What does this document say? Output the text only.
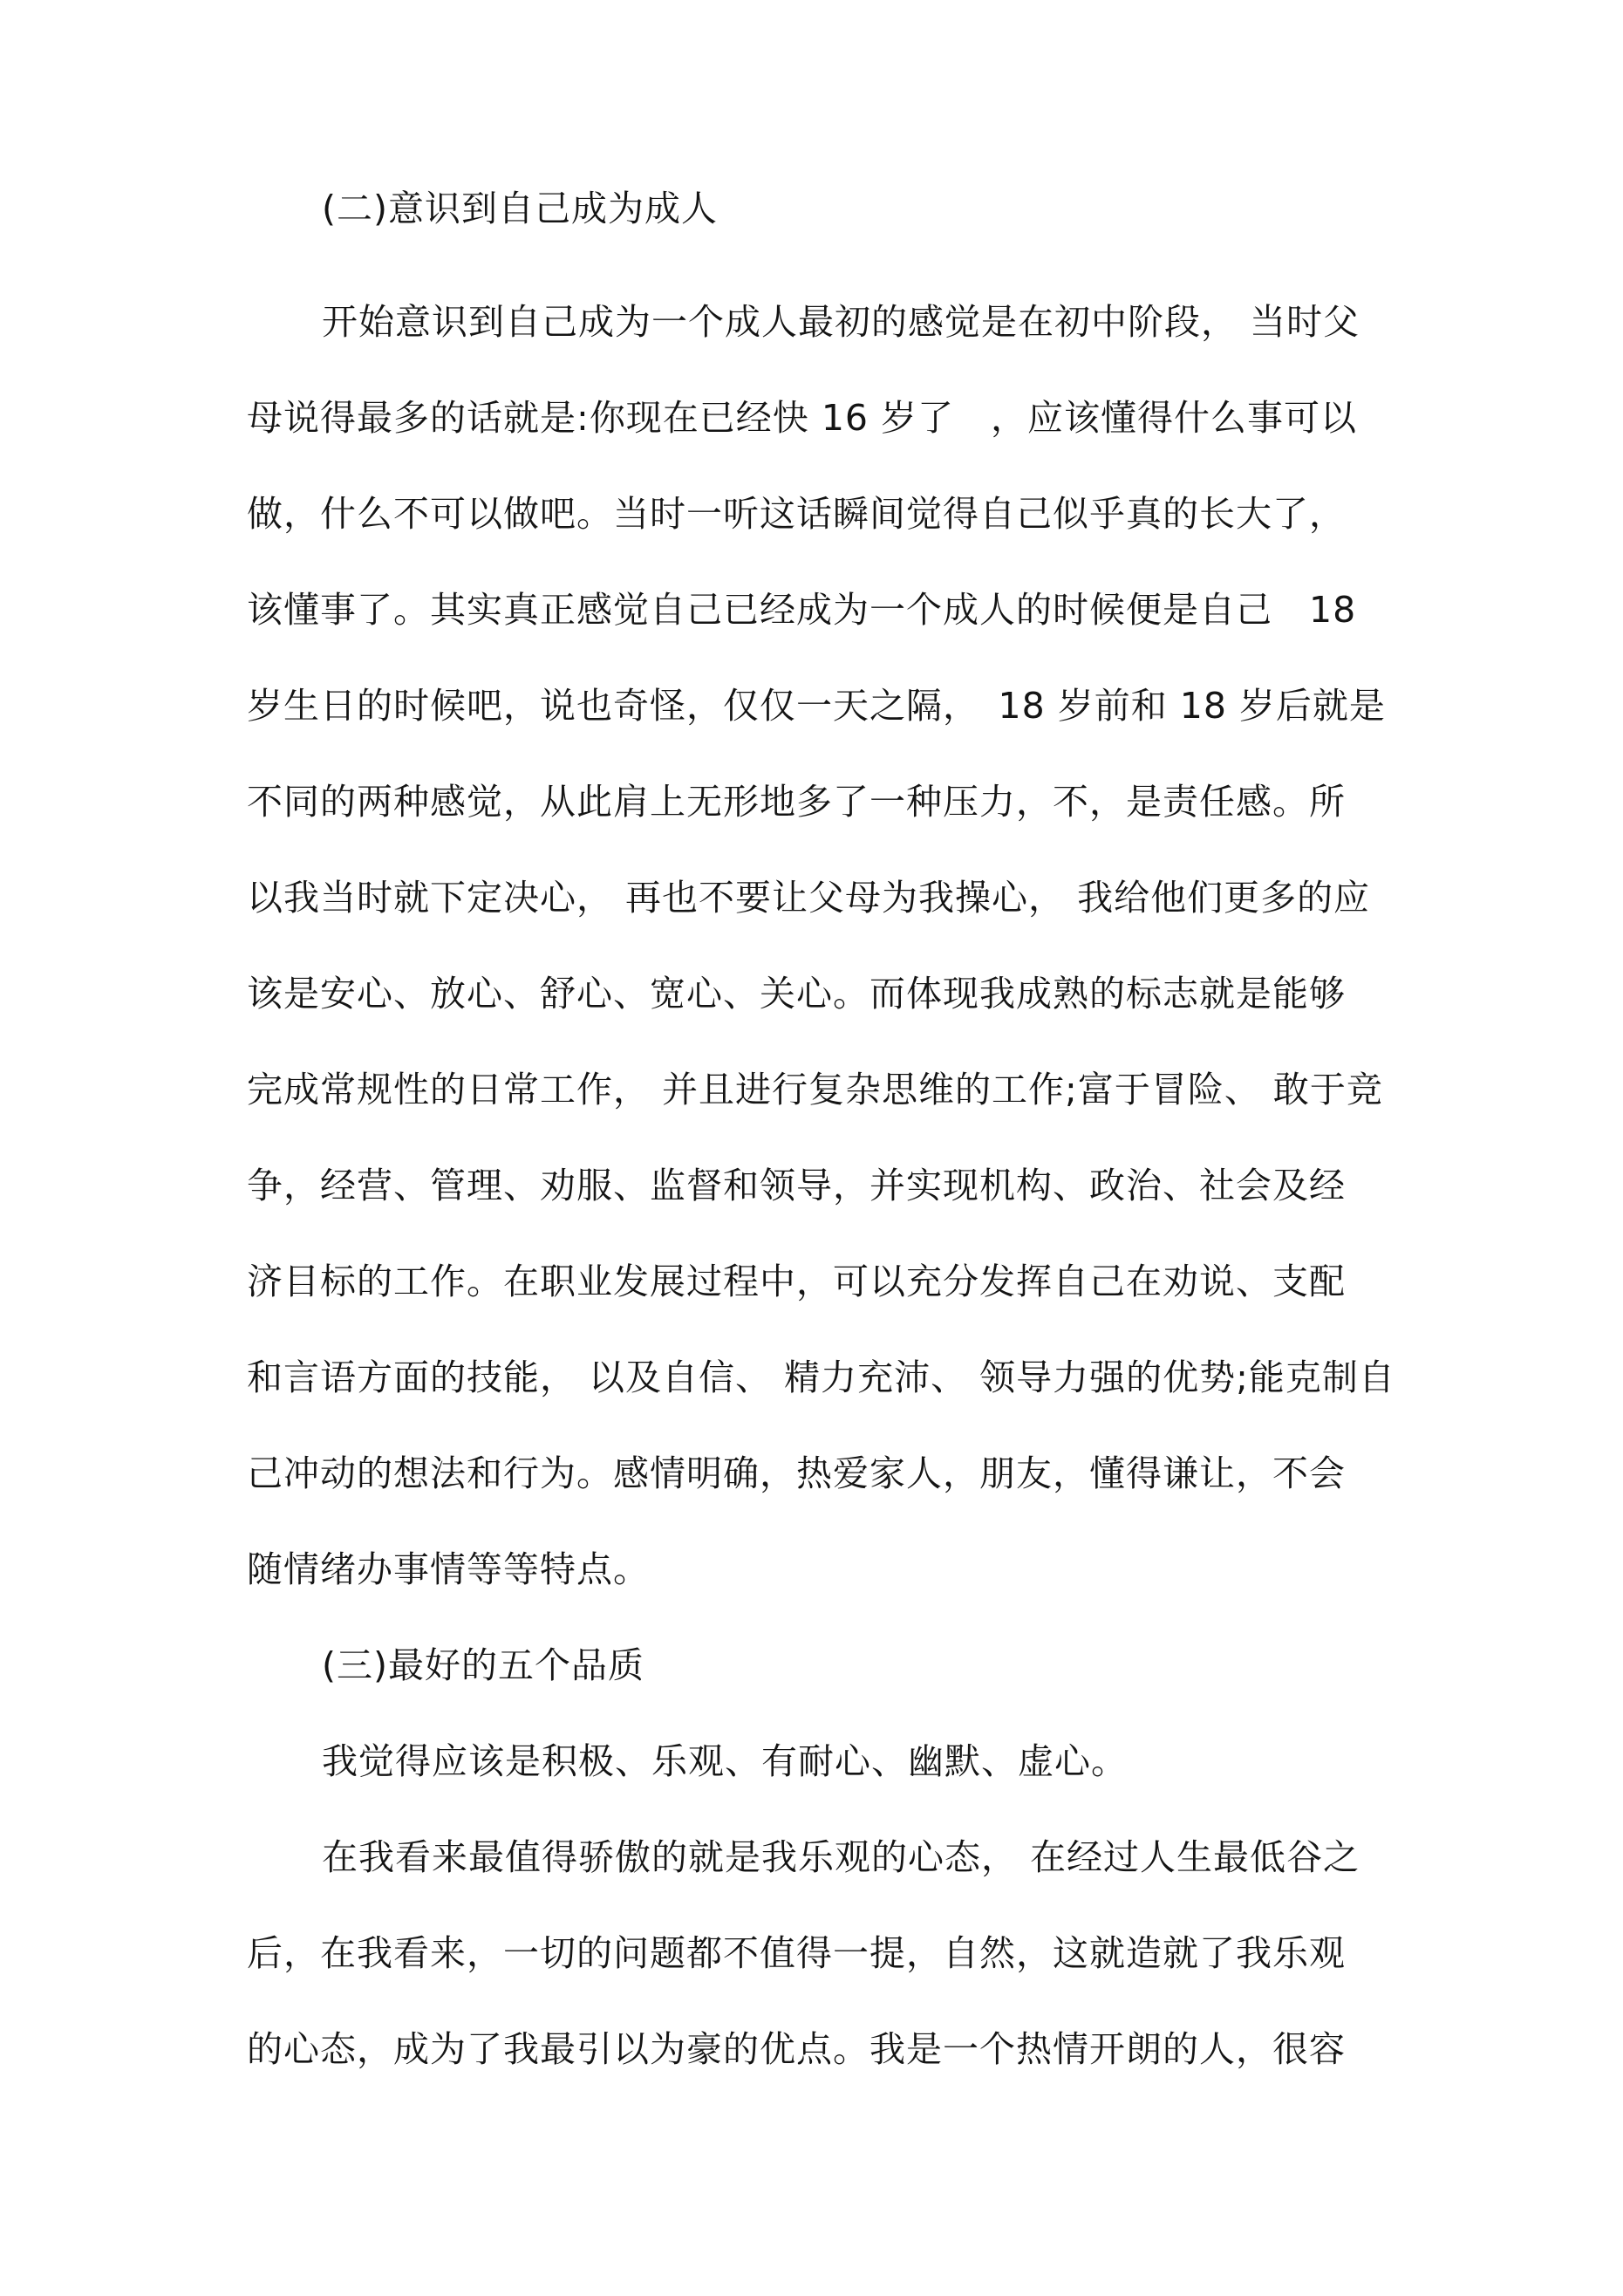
(二)意识到自己成为成人
开始意识到自己成为一个成人最初的感觉是在初中阶段， 当时父
母说得最多的话就是:你现在已经快 16 岁了　，应该懂得什么事可以
做，什么不可以做吧。当时一听这话瞬间觉得自己似乎真的长大了，
该懂事了。其实真正感觉自己已经成为一个成人的时候便是自己　18
岁生日的时候吧，说也奇怪，仅仅一天之隔，　18 岁前和 18 岁后就是
不同的两种感觉，从此肩上无形地多了一种压力，不，是责任感。所
以我当时就下定决心， 再也不要让父母为我操心， 我给他们更多的应
该是安心、放心、舒心、宽心、关心。而体现我成熟的标志就是能够
完成常规性的日常工作， 并且进行复杂思维的工作;富于冒险、 敢于竞
争，经营、管理、劝服、监督和领导，并实现机构、政治、社会及经
济目标的工作。在职业发展过程中，可以充分发挥自己在劝说、支配
和言语方面的技能， 以及自信、 精力充沛、 领导力强的优势;能克制自
己冲动的想法和行为。感情明确，热爱家人，朋友，懂得谦让，不会
随情绪办事情等等特点。
(三)最好的五个品质
我觉得应该是积极、乐观、有耐心、幽默、虚心。
在我看来最值得骄傲的就是我乐观的心态， 在经过人生最低谷之
后，在我看来，一切的问题都不值得一提，自然，这就造就了我乐观
的心态，成为了我最引以为豪的优点。我是一个热情开朗的人，很容
